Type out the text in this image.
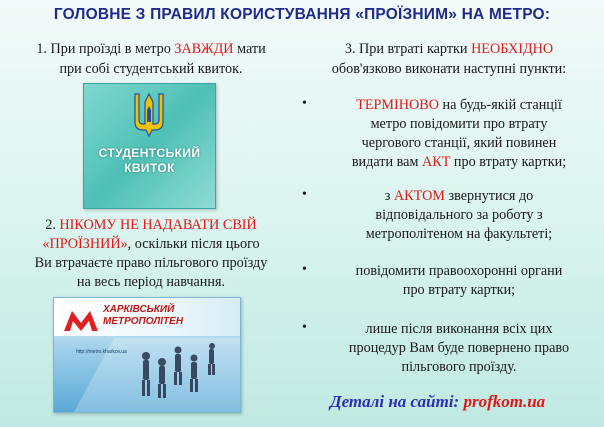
ГОЛОВНЕ З ПРАВИЛ КОРИСТУВАННЯ «ПРОЇЗНИМ» НА МЕТРО:
1. При проїзді в метро ЗАВЖДИ мати
при собі студентський квиток.
СТУДЕНТСЬКИЙ
КВИТОК
2. НІКОМУ НЕ НАДАВАТИ СВІЙ
«ПРОЇЗНИЙ», оскільки після цього
Ви втрачаєте право пільгового проїзду
на весь період навчання.
ХАРКІВСЬКИЙ
МЕТРОПОЛІТЕН
http://metro.kharkov.ua
3. При втраті картки НЕОБХІДНО
обов'язково виконати наступні пункти:
•	ТЕРМІНОВО на будь-якій станції
метро повідомити про втрату
чергового станції, який повинен
видати вам АКТ про втрату картки;
•	з АКТОМ звернутися до
відповідального за роботу з
метрополітеном на факультеті;
•	повідомити правоохоронні органи
про втрату картки;
•	лише після виконання всіх цих
процедур Вам буде повернено право
пільгового проїзду.
Деталі на сайті: profkom.ua
